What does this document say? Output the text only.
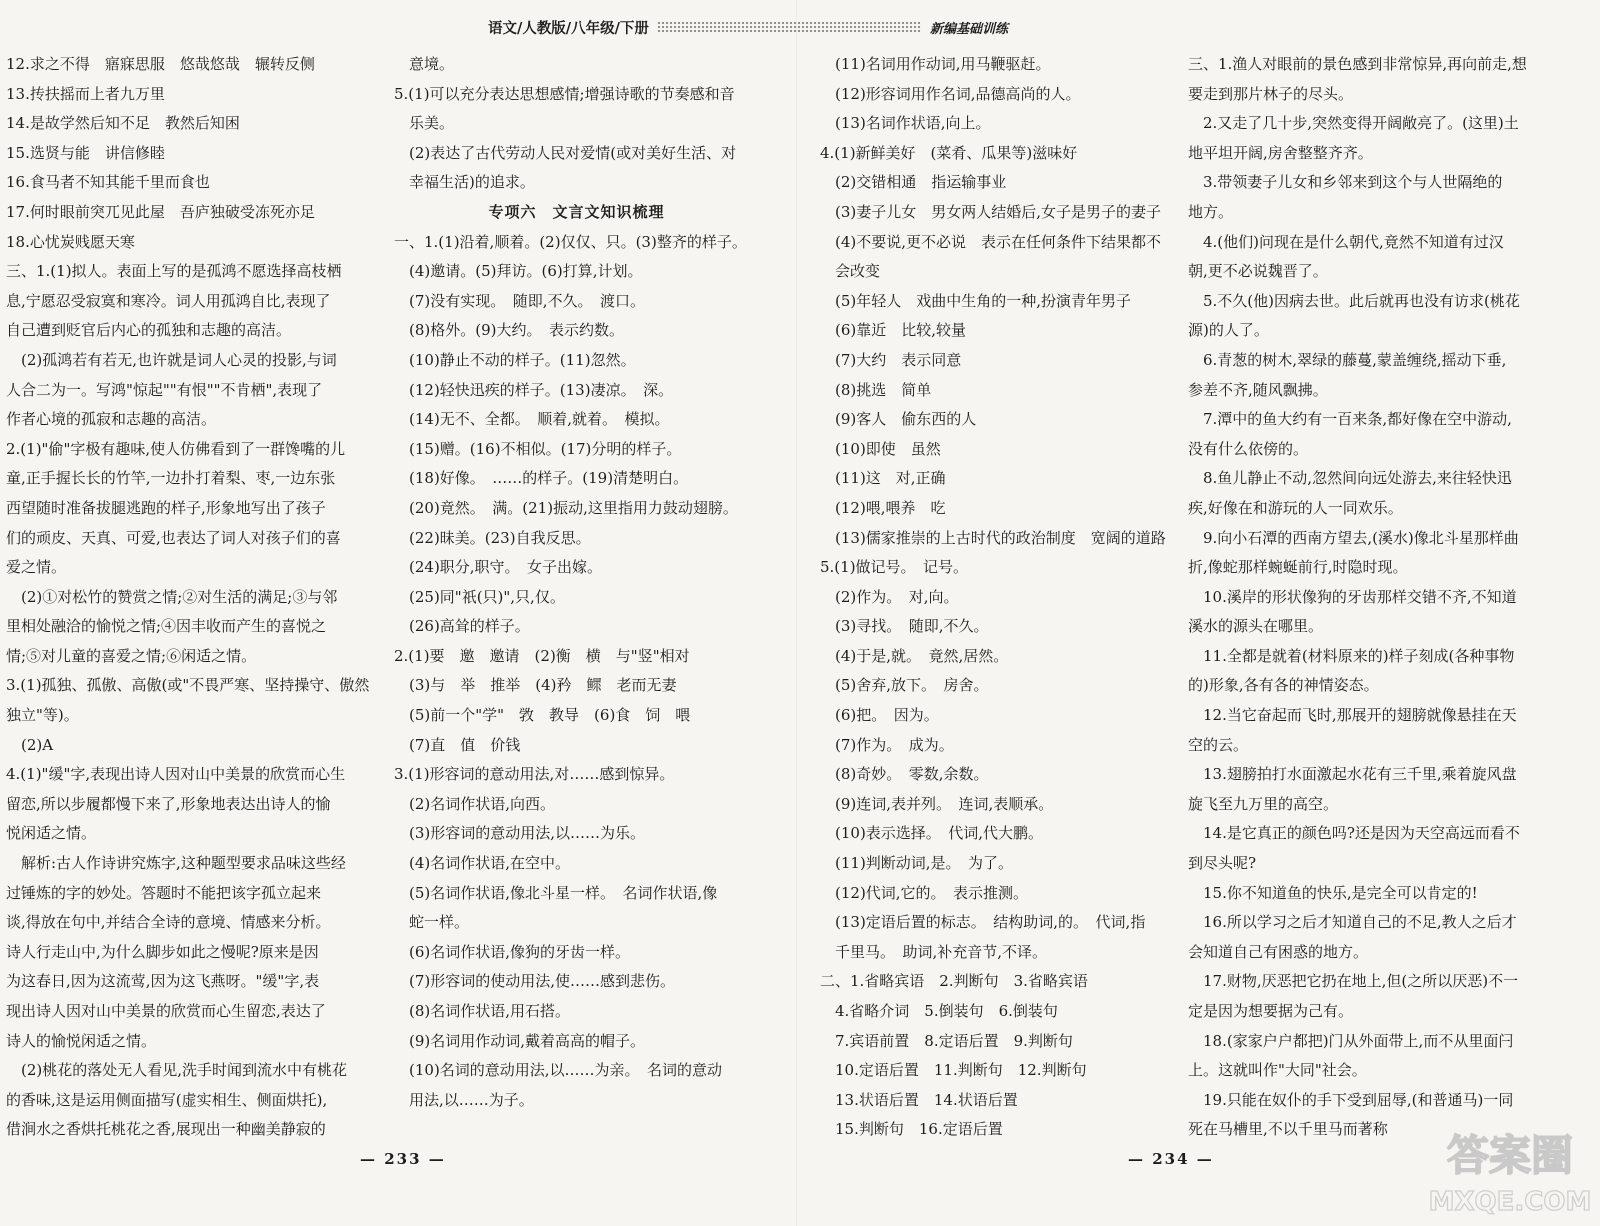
语文/人教版/八年级/下册	新编基础训练
12.求之不得　寤寐思服　悠哉悠哉　辗转反侧
13.抟扶摇而上者九万里
14.是故学然后知不足　教然后知困
15.选贤与能　讲信修睦
16.食马者不知其能千里而食也
17.何时眼前突兀见此屋　吾庐独破受冻死亦足
18.心忧炭贱愿天寒
三、1.(1)拟人。表面上写的是孤鸿不愿选择高枝栖
息,宁愿忍受寂寞和寒冷。词人用孤鸿自比,表现了
自己遭到贬官后内心的孤独和志趣的高洁。
(2)孤鸿若有若无,也许就是词人心灵的投影,与词
人合二为一。写鸿"惊起""有恨""不肯栖",表现了
作者心境的孤寂和志趣的高洁。
2.(1)"偷"字极有趣味,使人仿佛看到了一群馋嘴的儿
童,正手握长长的竹竿,一边扑打着梨、枣,一边东张
西望随时准备拔腿逃跑的样子,形象地写出了孩子
们的顽皮、天真、可爱,也表达了词人对孩子们的喜
爱之情。
(2)①对松竹的赞赏之情;②对生活的满足;③与邻
里相处融洽的愉悦之情;④因丰收而产生的喜悦之
情;⑤对儿童的喜爱之情;⑥闲适之情。
3.(1)孤独、孤傲、高傲(或"不畏严寒、坚持操守、傲然
独立"等)。
(2)A
4.(1)"缓"字,表现出诗人因对山中美景的欣赏而心生
留恋,所以步履都慢下来了,形象地表达出诗人的愉
悦闲适之情。
解析:古人作诗讲究炼字,这种题型要求品味这些经
过锤炼的字的妙处。答题时不能把该字孤立起来
谈,得放在句中,并结合全诗的意境、情感来分析。
诗人行走山中,为什么脚步如此之慢呢?原来是因
为这春日,因为这流莺,因为这飞燕呀。"缓"字,表
现出诗人因对山中美景的欣赏而心生留恋,表达了
诗人的愉悦闲适之情。
(2)桃花的落处无人看见,洗手时闻到流水中有桃花
的香味,这是运用侧面描写(虚实相生、侧面烘托),
借涧水之香烘托桃花之香,展现出一种幽美静寂的
意境。
5.(1)可以充分表达思想感情;增强诗歌的节奏感和音
乐美。
(2)表达了古代劳动人民对爱情(或对美好生活、对
幸福生活)的追求。
专项六　文言文知识梳理
一、1.(1)沿着,顺着。(2)仅仅、只。(3)整齐的样子。
(4)邀请。(5)拜访。(6)打算,计划。
(7)没有实现。　随即,不久。　渡口。
(8)格外。(9)大约。　表示约数。
(10)静止不动的样子。(11)忽然。
(12)轻快迅疾的样子。(13)凄凉。　深。
(14)无不、全都。　顺着,就着。　模拟。
(15)赠。(16)不相似。(17)分明的样子。
(18)好像。　……的样子。(19)清楚明白。
(20)竟然。　满。(21)振动,这里指用力鼓动翅膀。
(22)昧美。(23)自我反思。
(24)职分,职守。　女子出嫁。
(25)同"祇(只)",只,仅。
(26)高耸的样子。
2.(1)要　邀　邀请　(2)衡　横　与"竖"相对
(3)与　举　推举　(4)矜　鳏　老而无妻
(5)前一个"学"　敩　教导　(6)食　饲　喂
(7)直　值　价钱
3.(1)形容词的意动用法,对……感到惊异。
(2)名词作状语,向西。
(3)形容词的意动用法,以……为乐。
(4)名词作状语,在空中。
(5)名词作状语,像北斗星一样。　名词作状语,像
蛇一样。
(6)名词作状语,像狗的牙齿一样。
(7)形容词的使动用法,使……感到悲伤。
(8)名词作状语,用石搭。
(9)名词用作动词,戴着高高的帽子。
(10)名词的意动用法,以……为亲。　名词的意动
用法,以……为子。
(11)名词用作动词,用马鞭驱赶。
(12)形容词用作名词,品德高尚的人。
(13)名词作状语,向上。
4.(1)新鲜美好　(菜肴、瓜果等)滋味好
(2)交错相通　指运输事业
(3)妻子儿女　男女两人结婚后,女子是男子的妻子
(4)不要说,更不必说　表示在任何条件下结果都不
会改变
(5)年轻人　戏曲中生角的一种,扮演青年男子
(6)靠近　比较,较量
(7)大约　表示同意
(8)挑选　简单
(9)客人　偷东西的人
(10)即使　虽然
(11)这　对,正确
(12)喂,喂养　吃
(13)儒家推崇的上古时代的政治制度　宽阔的道路
5.(1)做记号。　记号。
(2)作为。　对,向。
(3)寻找。　随即,不久。
(4)于是,就。　竟然,居然。
(5)舍弃,放下。　房舍。
(6)把。　因为。
(7)作为。　成为。
(8)奇妙。　零数,余数。
(9)连词,表并列。　连词,表顺承。
(10)表示选择。　代词,代大鹏。
(11)判断动词,是。　为了。
(12)代词,它的。　表示推测。
(13)定语后置的标志。　结构助词,的。　代词,指
千里马。　助词,补充音节,不译。
二、1.省略宾语　2.判断句　3.省略宾语
4.省略介词　5.倒装句　6.倒装句
7.宾语前置　8.定语后置　9.判断句
10.定语后置　11.判断句　12.判断句
13.状语后置　14.状语后置
15.判断句　16.定语后置
三、1.渔人对眼前的景色感到非常惊异,再向前走,想
要走到那片林子的尽头。
2.又走了几十步,突然变得开阔敞亮了。(这里)土
地平坦开阔,房舍整整齐齐。
3.带领妻子儿女和乡邻来到这个与人世隔绝的
地方。
4.(他们)问现在是什么朝代,竟然不知道有过汉
朝,更不必说魏晋了。
5.不久(他)因病去世。此后就再也没有访求(桃花
源)的人了。
6.青葱的树木,翠绿的藤蔓,蒙盖缠绕,摇动下垂,
参差不齐,随风飘拂。
7.潭中的鱼大约有一百来条,都好像在空中游动,
没有什么依傍的。
8.鱼儿静止不动,忽然间向远处游去,来往轻快迅
疾,好像在和游玩的人一同欢乐。
9.向小石潭的西南方望去,(溪水)像北斗星那样曲
折,像蛇那样蜿蜒前行,时隐时现。
10.溪岸的形状像狗的牙齿那样交错不齐,不知道
溪水的源头在哪里。
11.全都是就着(材料原来的)样子刻成(各种事物
的)形象,各有各的神情姿态。
12.当它奋起而飞时,那展开的翅膀就像悬挂在天
空的云。
13.翅膀拍打水面激起水花有三千里,乘着旋风盘
旋飞至九万里的高空。
14.是它真正的颜色吗?还是因为天空高远而看不
到尽头呢?
15.你不知道鱼的快乐,是完全可以肯定的!
16.所以学习之后才知道自己的不足,教人之后才
会知道自己有困惑的地方。
17.财物,厌恶把它扔在地上,但(之所以厌恶)不一
定是因为想要据为己有。
18.(家家户户都把)门从外面带上,而不从里面闩
上。这就叫作"大同"社会。
19.只能在奴仆的手下受到屈辱,(和普通马)一同
死在马槽里,不以千里马而著称
— 233 —	— 234 —	答案圈
MXQE.COM
